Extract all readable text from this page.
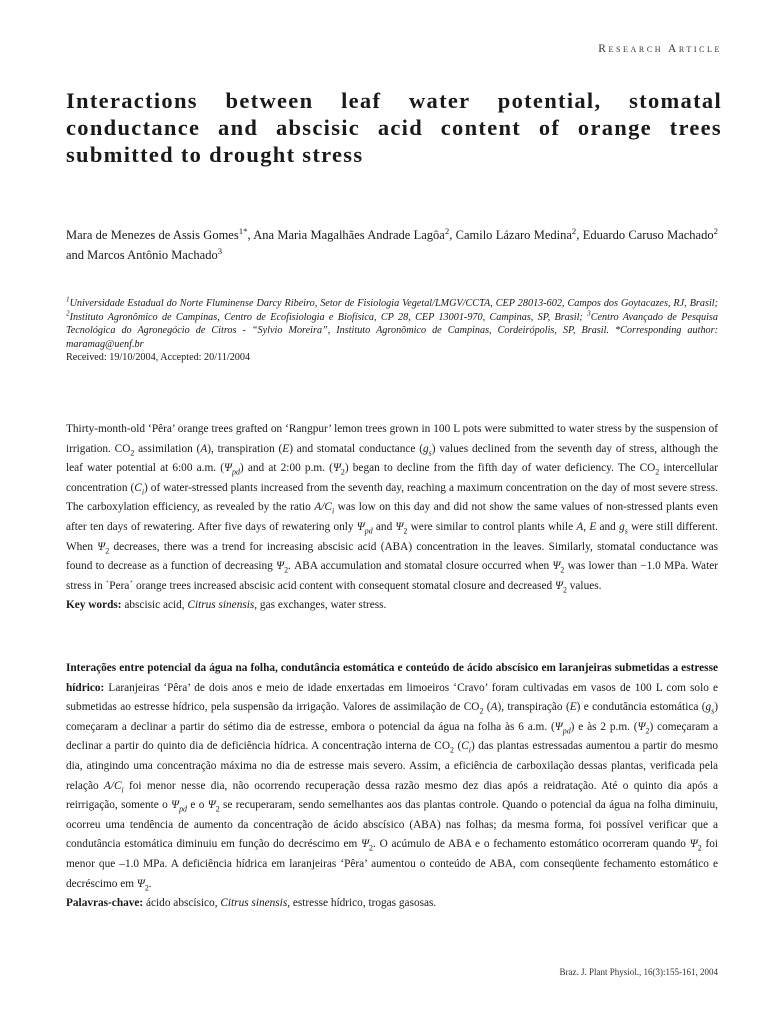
Research Article
Interactions between leaf water potential, stomatal conductance and abscisic acid content of orange trees submitted to drought stress
Mara de Menezes de Assis Gomes$^{1*}$, Ana Maria Magalhães Andrade Lagôa$^2$, Camilo Lázaro Medina$^2$, Eduardo Caruso Machado$^2$ and Marcos Antônio Machado$^3$
$^1$Universidade Estadual do Norte Fluminense Darcy Ribeiro, Setor de Fisiologia Vegetal/LMGV/CCTA, CEP 28013-602, Campos dos Goytacazes, RJ, Brasil; $^2$Instituto Agronômico de Campinas, Centro de Ecofisiologia e Biofísica, CP 28, CEP 13001-970, Campinas, SP, Brasil; $^3$Centro Avançado de Pesquisa Tecnológica do Agronegócio de Citros - “Sylvio Moreira”, Instituto Agronômico de Campinas, Cordeirópolis, SP, Brasil. *Corresponding author: maramag@uenf.br
Received: 19/10/2004, Accepted: 20/11/2004
Thirty-month-old ‘Pêra’ orange trees grafted on ‘Rangpur’ lemon trees grown in 100 L pots were submitted to water stress by the suspension of irrigation. $CO_2$ assimilation (A), transpiration (E) and stomatal conductance $(g_s)$ values declined from the seventh day of stress, although the leaf water potential at 6:00 a.m. $(\Psi_{pd})$ and at 2:00 p.m. $(\Psi_2)$ began to decline from the fifth day of water deficiency. The $CO_2$ intercellular concentration $(C_i)$ of water-stressed plants increased from the seventh day, reaching a maximum concentration on the day of most severe stress. The carboxylation efficiency, as revealed by the ratio $A/C_i$ was low on this day and did not show the same values of non-stressed plants even after ten days of rewatering. After five days of rewatering only $\Psi_{pd}$ and $\Psi_2$ were similar to control plants while A, E and $g_s$ were still different. When $\Psi_2$ decreases, there was a trend for increasing abscisic acid (ABA) concentration in the leaves. Similarly, stomatal conductance was found to decrease as a function of decreasing $\Psi_2$. ABA accumulation and stomatal closure occurred when $\Psi_2$ was lower than −1.0 MPa. Water stress in `Pera´ orange trees increased abscisic acid content with consequent stomatal closure and decreased $\Psi_2$ values.

Key words: abscisic acid, Citrus sinensis, gas exchanges, water stress.

Interações entre potencial da água na folha, condutância estomática e conteúdo de ácido abscísico em laranjeiras submetidas a estresse hídrico: Laranjeiras ‘Pêra’ de dois anos e meio de idade enxertadas em limoeiros ‘Cravo’ foram cultivadas em vasos de 100 L com solo e submetidas ao estresse hídrico, pela suspensão da irrigação. Valores de assimilação de $CO_2$ (A), transpiração (E) e condutância estomática $(g_s)$ começaram a declinar a partir do sétimo dia de estresse, embora o potencial da água na folha às 6 a.m. $(\Psi_{pd})$ e às 2 p.m. $(\Psi_2)$ começaram a declinar a partir do quinto dia de deficiência hídrica. A concentração interna de $CO_2$ $(C_i)$ das plantas estressadas aumentou a partir do mesmo dia, atingindo uma concentração máxima no dia de estresse mais severo. Assim, a eficiência de carboxilação dessas plantas, verificada pela relação $A/C_i$ foi menor nesse dia, não ocorrendo recuperação dessa razão mesmo dez dias após a reidratação. Até o quinto dia após a reirrigação, somente o $\Psi_{pd}$ e o $\Psi_2$ se recuperaram, sendo semelhantes aos das plantas controle. Quando o potencial da água na folha diminuiu, ocorreu uma tendência de aumento da concentração de ácido abscísico (ABA) nas folhas; da mesma forma, foi possível verificar que a condutância estomática diminuiu em função do decréscimo em $\Psi_2$. O acúmulo de ABA e o fechamento estomático ocorreram quando $\Psi_2$ foi menor que –1.0 MPa. A deficiência hídrica em laranjeiras ‘Pêra’ aumentou o conteúdo de ABA, com conseqüente fechamento estomático e decréscimo em $\Psi_2$.

Palavras-chave: ácido abscísico, Citrus sinensis, estresse hídrico, trogas gasosas.

Braz. J. Plant Physiol., 16(3):155-161, 2004
